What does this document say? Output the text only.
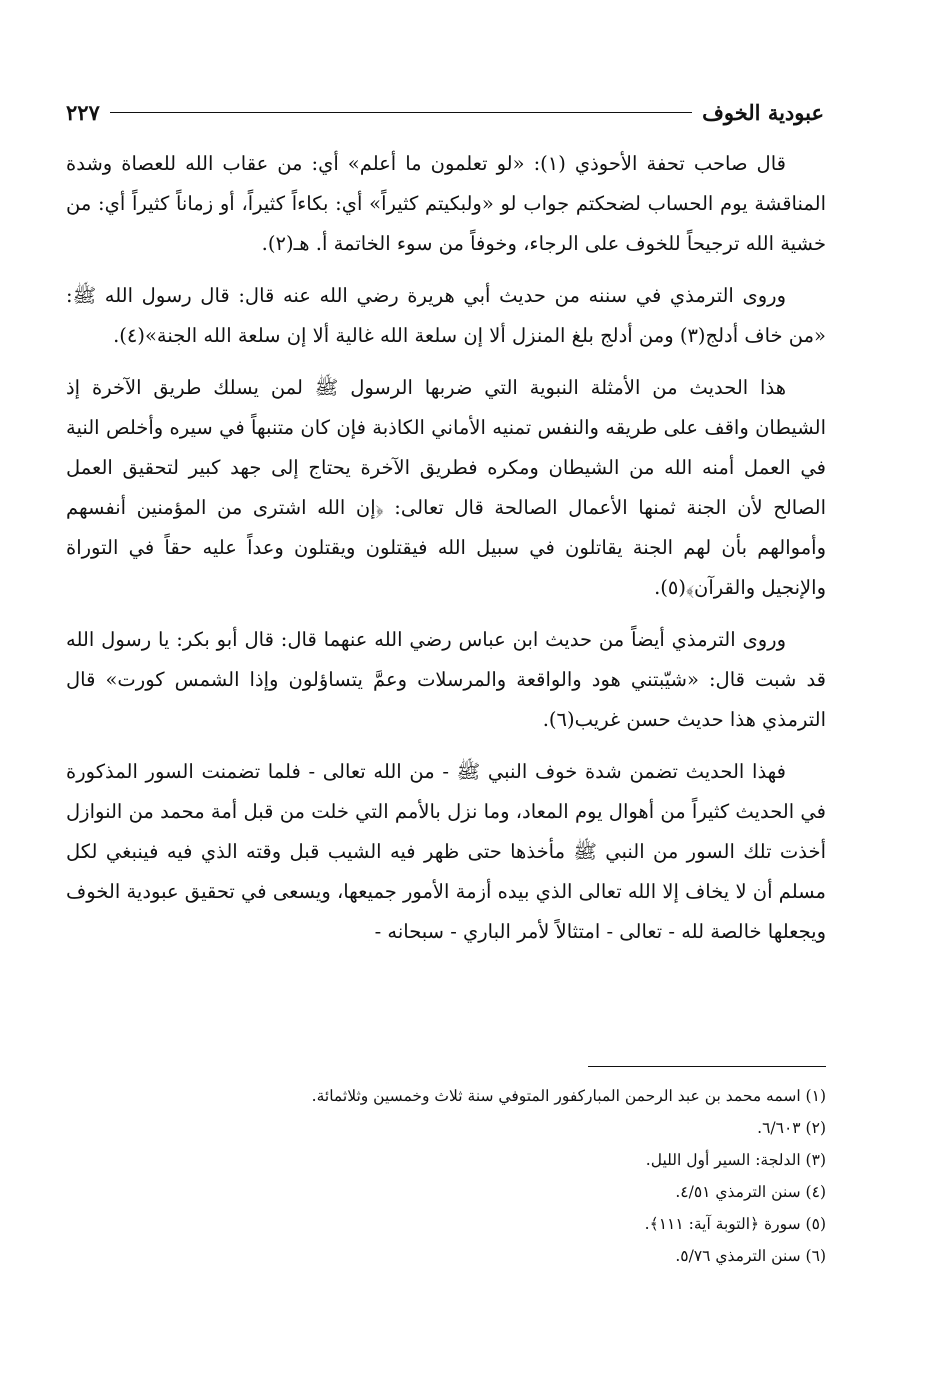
عبودية الخوف
٢٢٧

قال صاحب تحفة الأحوذي (١): «لو تعلمون ما أعلم» أي: من عقاب الله للعصاة وشدة المناقشة يوم الحساب لضحكتم جواب لو «ولبكيتم كثيراً» أي: بكاءاً كثيراً، أو زماناً كثيراً أي: من خشية الله ترجيحاً للخوف على الرجاء، وخوفاً من سوء الخاتمة أ. هـ(٢).

وروى الترمذي في سننه من حديث أبي هريرة رضي الله عنه قال: قال رسول الله ﷺ: «من خاف أدلج(٣) ومن أدلج بلغ المنزل ألا إن سلعة الله غالية ألا إن سلعة الله الجنة»(٤).

هذا الحديث من الأمثلة النبوية التي ضربها الرسول ﷺ لمن يسلك طريق الآخرة إذ الشيطان واقف على طريقه والنفس تمنيه الأماني الكاذبة فإن كان متنبهاً في سيره وأخلص النية في العمل أمنه الله من الشيطان ومكره فطريق الآخرة يحتاج إلى جهد كبير لتحقيق العمل الصالح لأن الجنة ثمنها الأعمال الصالحة قال تعالى: ﴿إن الله اشترى من المؤمنين أنفسهم وأموالهم بأن لهم الجنة يقاتلون في سبيل الله فيقتلون ويقتلون وعداً عليه حقاً في التوراة والإنجيل والقرآن﴾(٥).

وروى الترمذي أيضاً من حديث ابن عباس رضي الله عنهما قال: قال أبو بكر: يا رسول الله قد شبت قال: «شيّبتني هود والواقعة والمرسلات وعمَّ يتساؤلون وإذا الشمس كورت» قال الترمذي هذا حديث حسن غريب(٦).

فهذا الحديث تضمن شدة خوف النبي ﷺ - من الله تعالى - فلما تضمنت السور المذكورة في الحديث كثيراً من أهوال يوم المعاد، وما نزل بالأمم التي خلت من قبل أمة محمد من النوازل أخذت تلك السور من النبي ﷺ مأخذها حتى ظهر فيه الشيب قبل وقته الذي فيه فينبغي لكل مسلم أن لا يخاف إلا الله تعالى الذي بيده أزمة الأمور جميعها، ويسعى في تحقيق عبودية الخوف ويجعلها خالصة لله - تعالى - امتثالاً لأمر الباري - سبحانه -

(١) اسمه محمد بن عبد الرحمن المباركفور المتوفي سنة ثلاث وخمسين وثلاثمائة.

(٢) ٦/٦٠٣.

(٣) الدلجة: السير أول الليل.

(٤) سنن الترمذي ٤/٥١.

(٥) سورة ﴿التوبة آية: ١١١﴾.

(٦) سنن الترمذي ٥/٧٦.
